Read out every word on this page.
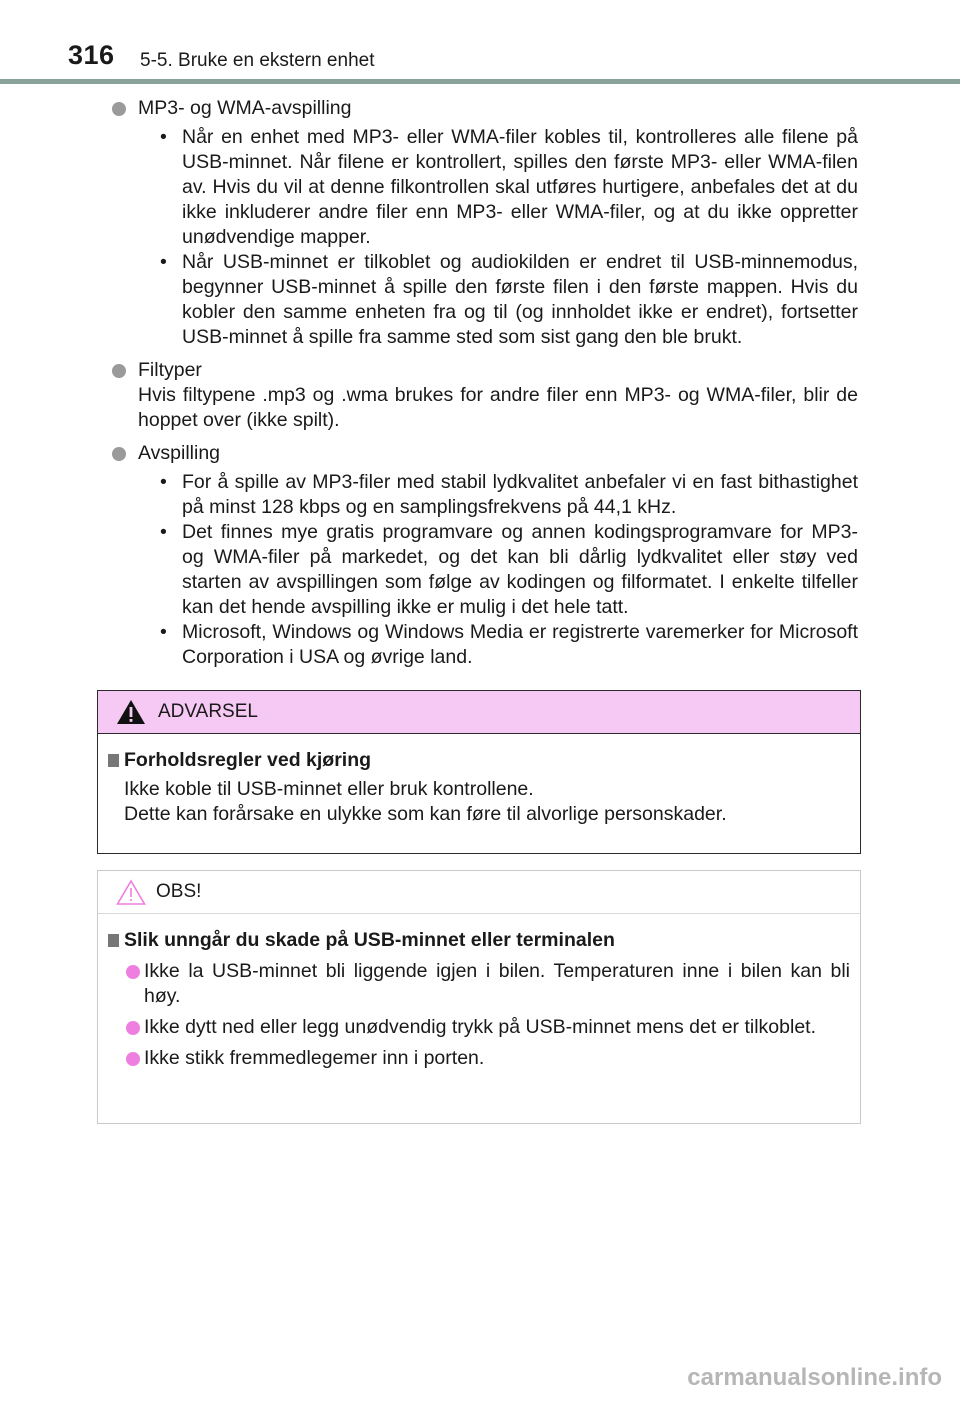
316 5-5. Bruke en ekstern enhet
MP3- og WMA-avspilling
• Når en enhet med MP3- eller WMA-filer kobles til, kontrolleres alle filene på USB-minnet. Når filene er kontrollert, spilles den første MP3- eller WMA-filen av. Hvis du vil at denne filkontrollen skal utføres hurtigere, anbefales det at du ikke inkluderer andre filer enn MP3- eller WMA-filer, og at du ikke oppretter unødvendige mapper.
• Når USB-minnet er tilkoblet og audiokilden er endret til USB-minnemodus, begynner USB-minnet å spille den første filen i den første mappen. Hvis du kobler den samme enheten fra og til (og innholdet ikke er endret), fortsetter USB-minnet å spille fra samme sted som sist gang den ble brukt.
Filtyper
Hvis filtypene .mp3 og .wma brukes for andre filer enn MP3- og WMA-filer, blir de hoppet over (ikke spilt).
Avspilling
• For å spille av MP3-filer med stabil lydkvalitet anbefaler vi en fast bithastighet på minst 128 kbps og en samplingsfrekvens på 44,1 kHz.
• Det finnes mye gratis programvare og annen kodingsprogramvare for MP3- og WMA-filer på markedet, og det kan bli dårlig lydkvalitet eller støy ved starten av avspillingen som følge av kodingen og filformatet. I enkelte tilfeller kan det hende avspilling ikke er mulig i det hele tatt.
• Microsoft, Windows og Windows Media er registrerte varemerker for Microsoft Corporation i USA og øvrige land.
ADVARSEL
Forholdsregler ved kjøring
Ikke koble til USB-minnet eller bruk kontrollene.
Dette kan forårsake en ulykke som kan føre til alvorlige personskader.
OBS!
Slik unngår du skade på USB-minnet eller terminalen
Ikke la USB-minnet bli liggende igjen i bilen. Temperaturen inne i bilen kan bli høy.
Ikke dytt ned eller legg unødvendig trykk på USB-minnet mens det er tilkoblet.
Ikke stikk fremmedlegemer inn i porten.
carmanualsonline.info
